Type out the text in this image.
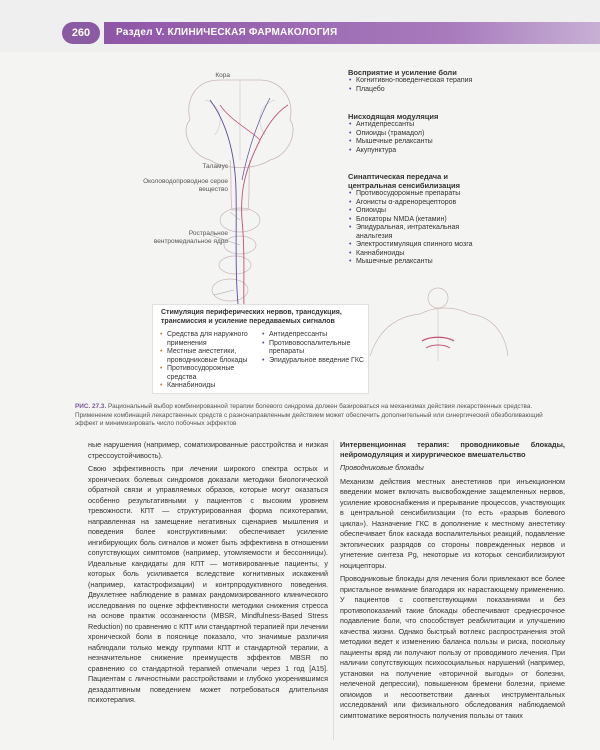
260	Раздел V. КЛИНИЧЕСКАЯ ФАРМАКОЛОГИЯ
Кора
Таламус
Околоводопроводное серое вещество
Ростральное вентромедиальное ядро
Восприятие и усиление боли
• Когнитивно-поведенческая терапия
• Плацебо
Нисходящая модуляция
• Антидепрессанты
• Опиоиды (трамадол)
• Мышечные релаксанты
• Акупунктура
Синаптическая передача и центральная сенсибилизация
• Противосудорожные препараты
• Агонисты α-адренорецепторов
• Опиоиды
• Блокаторы NMDA (кетамин)
• Эпидуральная, интратекальная анальгезия
• Электростимуляция спинного мозга
• Каннабиноиды
• Мышечные релаксанты
Стимуляция периферических нервов, трансдукция, трансмиссия и усиление передаваемых сигналов
• Средства для наружного применения
• Местные анестетики, проводниковые блокады
• Противосудорожные средства
• Каннабиноиды
• Антидепрессанты
• Противовоспалительные препараты
• Эпидуральное введение ГКС
РИС. 27.3. Рациональный выбор комбинированной терапии болевого синдрома должен базироваться на механизмах действия лекарственных средства. Применение комбинаций лекарственных средств с разнонаправленным действием может обеспечить дополнительный или синергический обезболивающий эффект и минимизировать число побочных эффектов

ные нарушения (например, соматизированные расстройства и низкая стрессоустойчивость).

Свою эффективность при лечении широкого спектра острых и хронических болевых синдромов доказали методики биологической обратной связи и управляемых образов, которые могут оказаться особенно результативными у пациентов с высоким уровнем тревожности. КПТ — структурированная форма психотерапии, направленная на замещение негативных сценариев мышления и поведения более конструктивными: обеспечивает усиление ингибирующих боль сигналов и может быть эффективна в отношении сопутствующих симптомов (например, утомляемости и бессонницы). Идеальные кандидаты для КПТ — мотивированные пациенты, у которых боль усиливается вследствие когнитивных искажений (например, катастрофизации) и контрпродуктивного поведения. Двухлетнее наблюдение в рамках рандомизированного клинического исследования по оценке эффективности методики снижения стресса на основе практик осознанности (MBSR, Mindfulness-Based Stress Reduction) по сравнению с КПТ или стандартной терапией при лечении хронической боли в пояснице показало, что значимые различия наблюдали только между группами КПТ и стандартной терапии, а незначительное снижение преимуществ эффектов MBSR по сравнению со стандартной терапией отмечали через 1 год [A15]. Пациентам с личностными расстройствами и глубоко укоренившимся дезадаптивным поведением может потребоваться длительная психотерапия.

Интервенционная терапия: проводниковые блокады, нейромодуляция и хирургическое вмешательство

Проводниковые блокады

Механизм действия местных анестетиков при инъекционном введении может включать высвобождение защемленных нервов, усиление кровоснабжения и прерывание процессов, участвующих в центральной сенсибилизации (то есть «разрыв болевого цикла»). Назначение ГКС в дополнение к местному анестетику обеспечивает блок каскада воспалительных реакций, подавление эктопических разрядов со стороны поврежденных нервов и угнетение синтеза Pg, некоторые из которых сенсибилизируют ноцицепторы.

Проводниковые блокады для лечения боли привлекают все более пристальное внимание благодаря их нарастающему применению. У пациентов с соответствующими показаниями и без противопоказаний такие блокады обеспечивают среднесрочное подавление боли, что способствует реабилитации и улучшению качества жизни. Однако быстрый вотлекс распространения этой методики ведет к изменению баланса пользы и риска, поскольку пациенты вряд ли получают пользу от проводимого лечения. При наличии сопутствующих психосоциальных нарушений (например, установки на получение «вторичной выгоды» от болезни, нелеченой депрессии), повышенном бремени болезни, приеме опиоидов и несоответствии данных инструментальных исследований или физикального обследования наблюдаемой симптоматике вероятность получения пользы от таких
